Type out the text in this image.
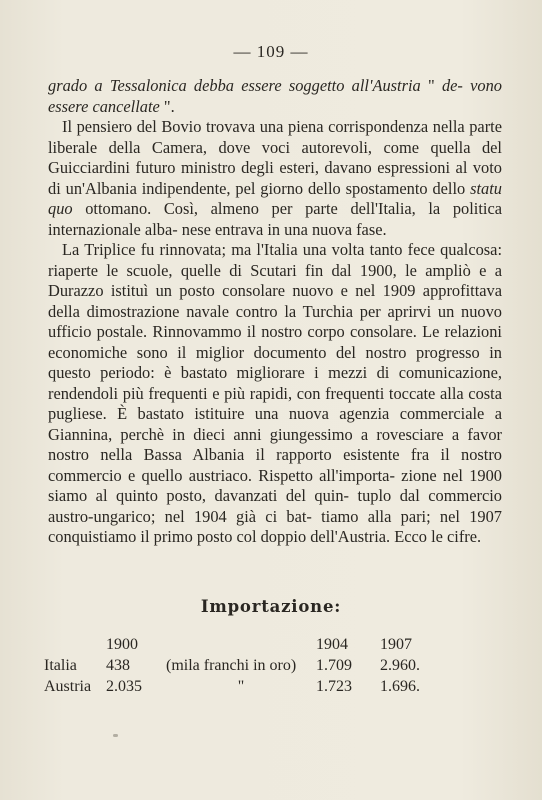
— 109 —

grado a Tessalonica debba essere soggetto all'Austria " de- vono essere cancellate ".

Il pensiero del Bovio trovava una piena corrispondenza nella parte liberale della Camera, dove voci autorevoli, come quella del Guicciardini futuro ministro degli esteri, davano espressioni al voto di un'Albania indipendente, pel giorno dello spostamento dello statu quo ottomano. Così, almeno per parte dell'Italia, la politica internazionale alba- nese entrava in una nuova fase.

La Triplice fu rinnovata; ma l'Italia una volta tanto fece qualcosa: riaperte le scuole, quelle di Scutari fin dal 1900, le ampliò e a Durazzo istituì un posto consolare nuovo e nel 1909 approfittava della dimostrazione navale contro la Turchia per aprirvi un nuovo ufficio postale. Rinnovammo il nostro corpo consolare. Le relazioni economiche sono il miglior documento del nostro progresso in questo periodo: è bastato migliorare i mezzi di comunicazione, rendendoli più frequenti e più rapidi, con frequenti toccate alla costa pugliese. È bastato istituire una nuova agenzia commerciale a Giannina, perchè in dieci anni giungessimo a rovesciare a favor nostro nella Bassa Albania il rapporto esistente fra il nostro commercio e quello austriaco. Rispetto all'importa- zione nel 1900 siamo al quinto posto, davanzati del quin- tuplo dal commercio austro-ungarico; nel 1904 già ci bat- tiamo alla pari; nel 1907 conquistiamo il primo posto col doppio dell'Austria. Ecco le cifre.

Importazione:
	1900		1904	1907
Italia	438	(mila franchi in oro)	1.709	2.960.
Austria	2.035	"	1.723	1.696.
